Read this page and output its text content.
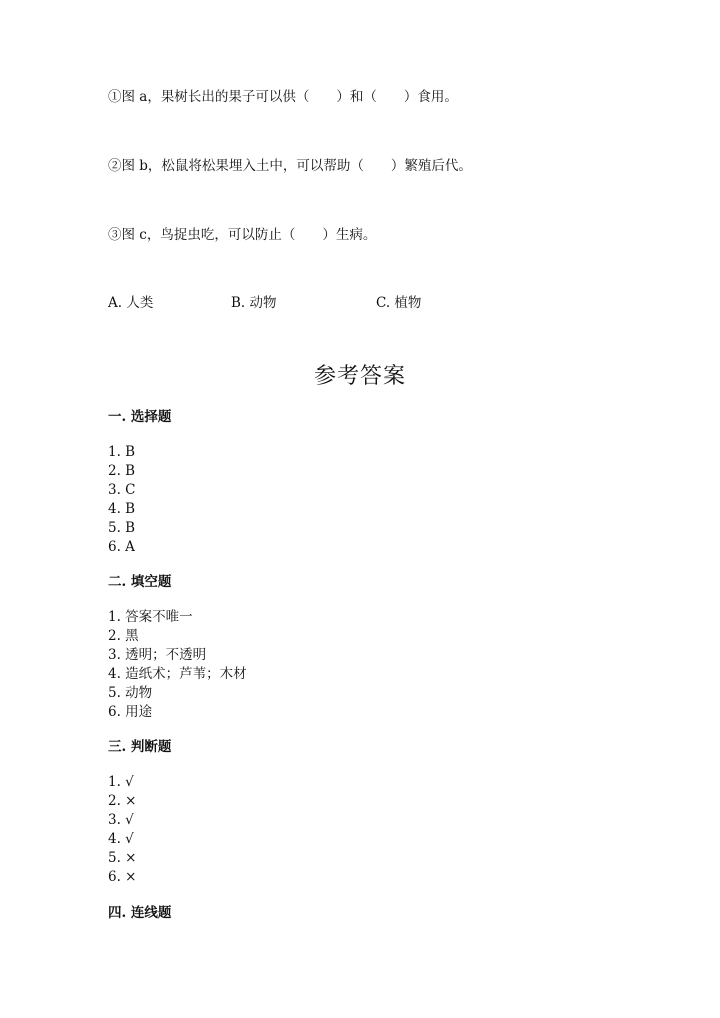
①图 a，果树长出的果子可以供（　　）和（　　）食用。
②图 b，松鼠将松果埋入土中，可以帮助（　　）繁殖后代。
③图 c，鸟捉虫吃，可以防止（　　）生病。
A. 人类	B. 动物	C. 植物
参考答案
一. 选择题
1. B
2. B
3. C
4. B
5. B
6. A
二. 填空题
1. 答案不唯一
2. 黑
3. 透明；不透明
4. 造纸术；芦苇；木材
5. 动物
6. 用途
三. 判断题
1. √
2. ×
3. √
4. √
5. ×
6. ×
四. 连线题
